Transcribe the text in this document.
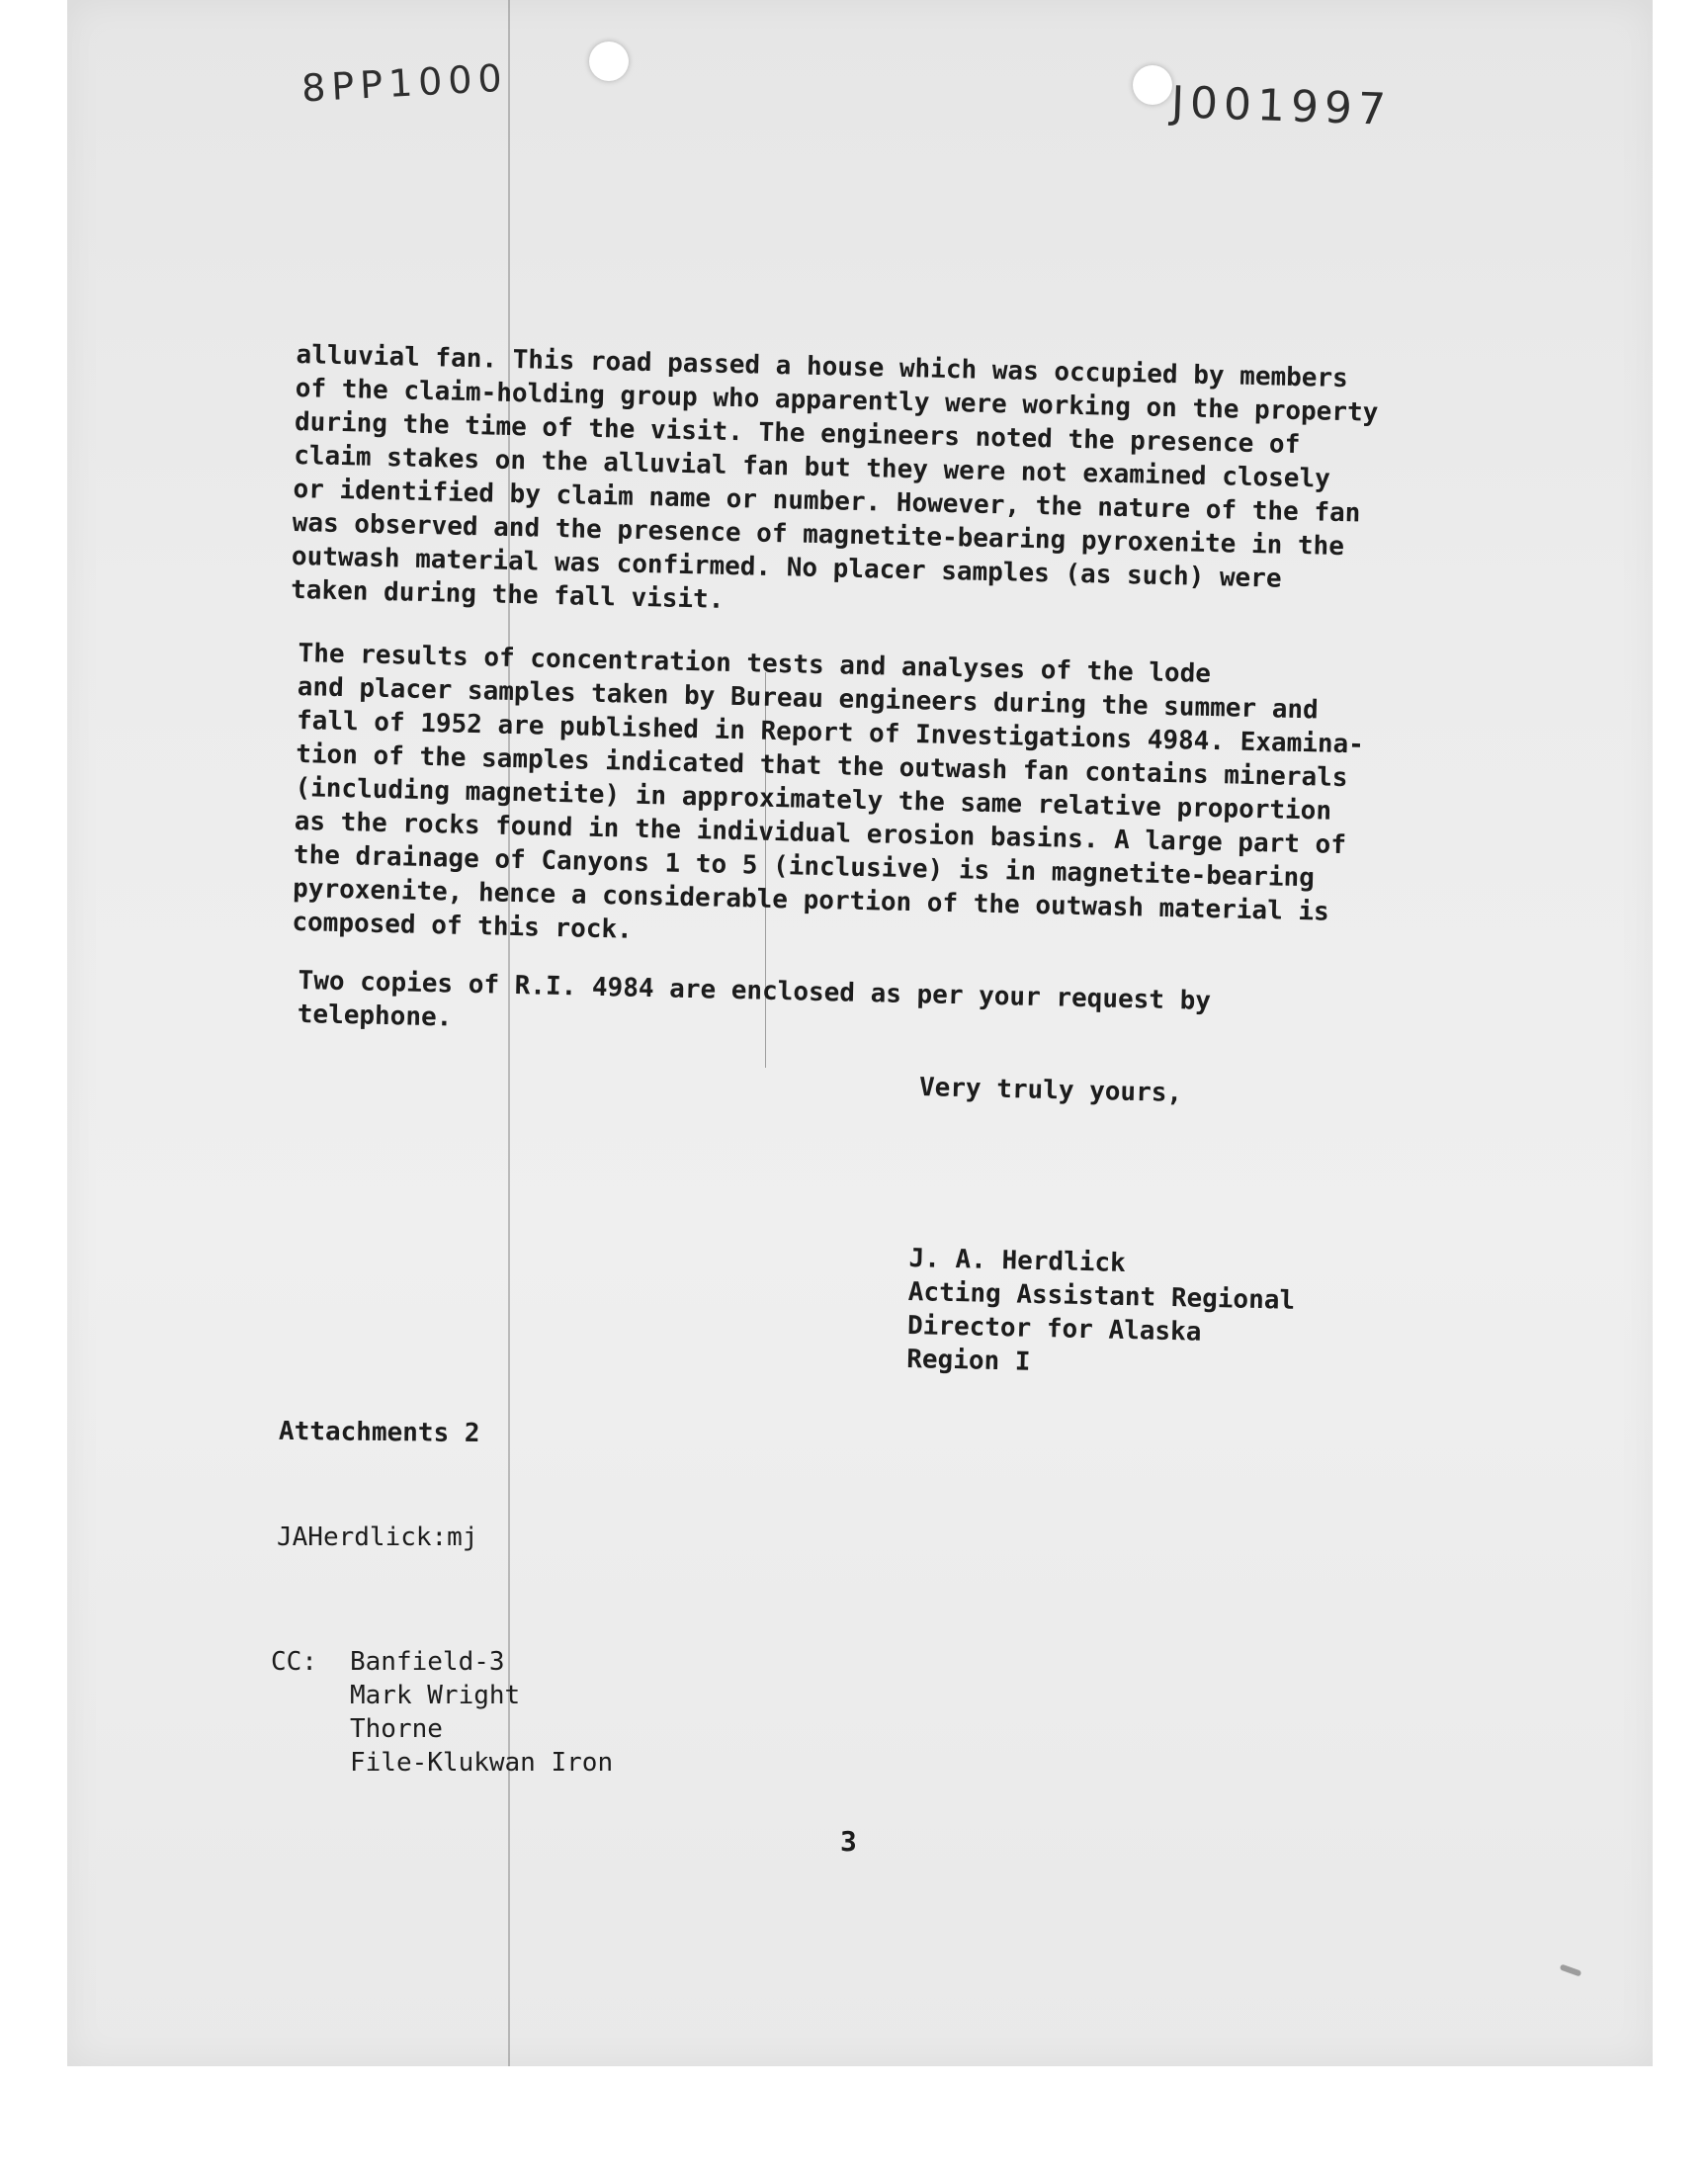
8PP1000	J001997
alluvial fan. This road passed a house which was occupied by members
of the claim-holding group who apparently were working on the property
during the time of the visit. The engineers noted the presence of
claim stakes on the alluvial fan but they were not examined closely
or identified by claim name or number. However, the nature of the fan
was observed and the presence of magnetite-bearing pyroxenite in the
outwash material was confirmed. No placer samples (as such) were
taken during the fall visit.
The results of concentration tests and analyses of the lode
and placer samples taken by Bureau engineers during the summer and
fall of 1952 are published in Report of Investigations 4984. Examina-
tion of the samples indicated that the outwash fan contains minerals
(including magnetite) in approximately the same relative proportion
as the rocks found in the individual erosion basins. A large part of
the drainage of Canyons 1 to 5 (inclusive) is in magnetite-bearing
pyroxenite, hence a considerable portion of the outwash material is
composed of this rock.
Two copies of R.I. 4984 are enclosed as per your request by
telephone.
Very truly yours,
J. A. Herdlick
Acting Assistant Regional
Director for Alaska
Region I
Attachments 2
JAHerdlick:mj
CC:	Banfield-3
Mark Wright
Thorne
File-Klukwan Iron
3
